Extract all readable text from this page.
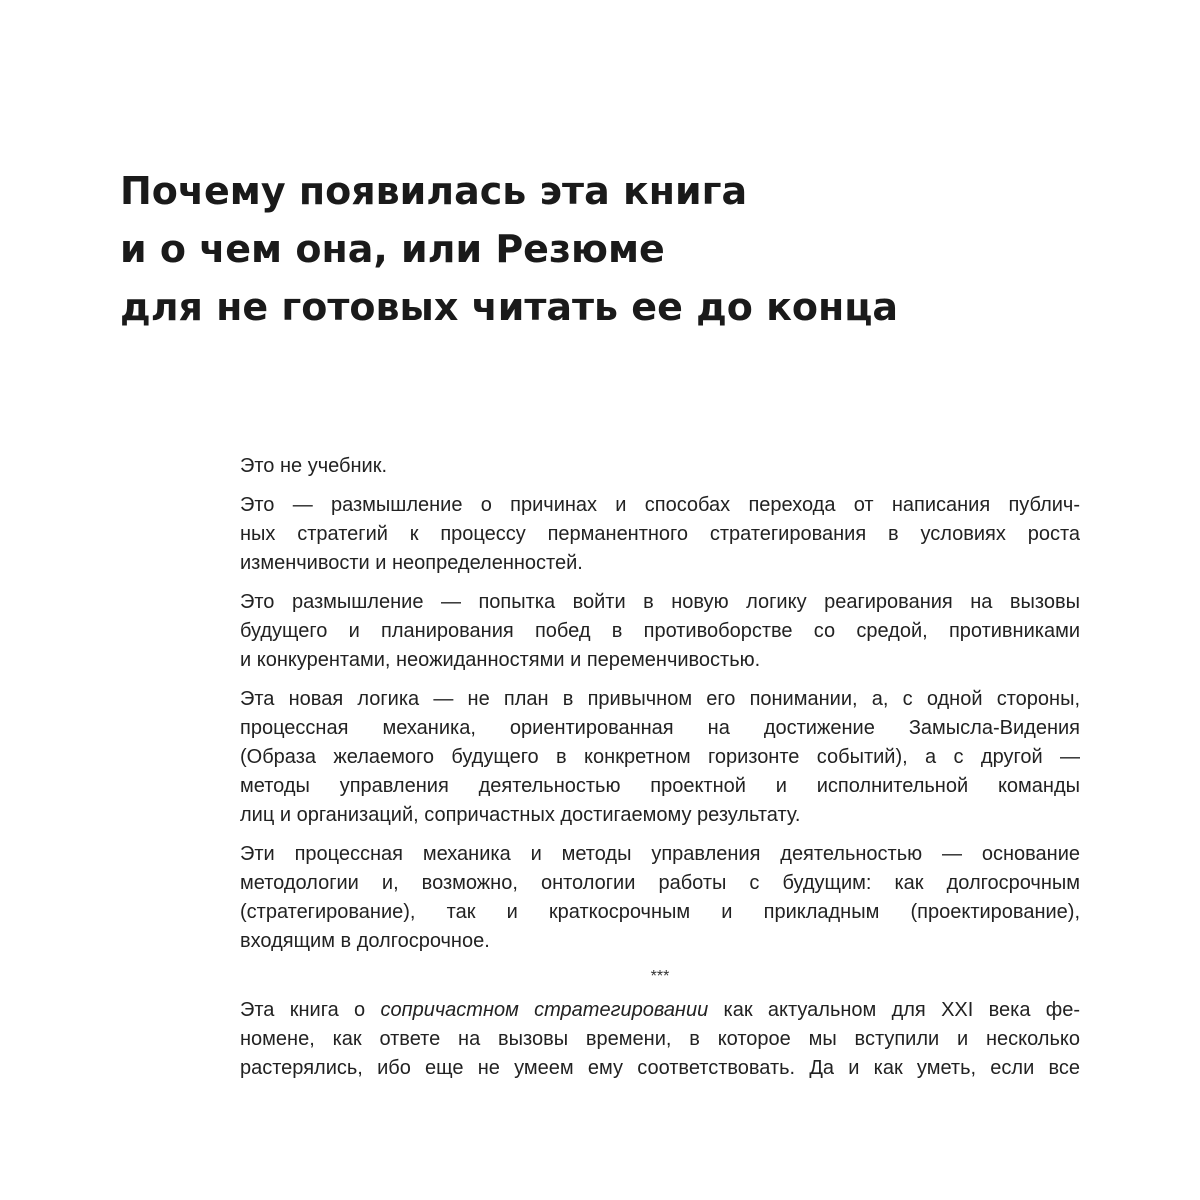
Почему появилась эта книга
и о чем она, или Резюме
для не готовых читать ее до конца

Это не учебник.

Это — размышление о причинах и способах перехода от написания публич-
ных стратегий к процессу перманентного стратегирования в условиях роста
изменчивости и неопределенностей.

Это размышление — попытка войти в новую логику реагирования на вызовы
будущего и планирования побед в противоборстве со средой, противниками
и конкурентами, неожиданностями и переменчивостью.

Эта новая логика — не план в привычном его понимании, а, с одной стороны,
процессная механика, ориентированная на достижение Замысла-Видения
(Образа желаемого будущего в конкретном горизонте событий), а с другой —
методы управления деятельностью проектной и исполнительной команды
лиц и организаций, сопричастных достигаемому результату.

Эти процессная механика и методы управления деятельностью — основание
методологии и, возможно, онтологии работы с будущим: как долгосрочным
(стратегирование), так и краткосрочным и прикладным (проектирование),
входящим в долгосрочное.

***

Эта книга о сопричастном стратегировании как актуальном для XXI века фе-
номене, как ответе на вызовы времени, в которое мы вступили и несколько
растерялись, ибо еще не умеем ему соответствовать. Да и как уметь, если все
